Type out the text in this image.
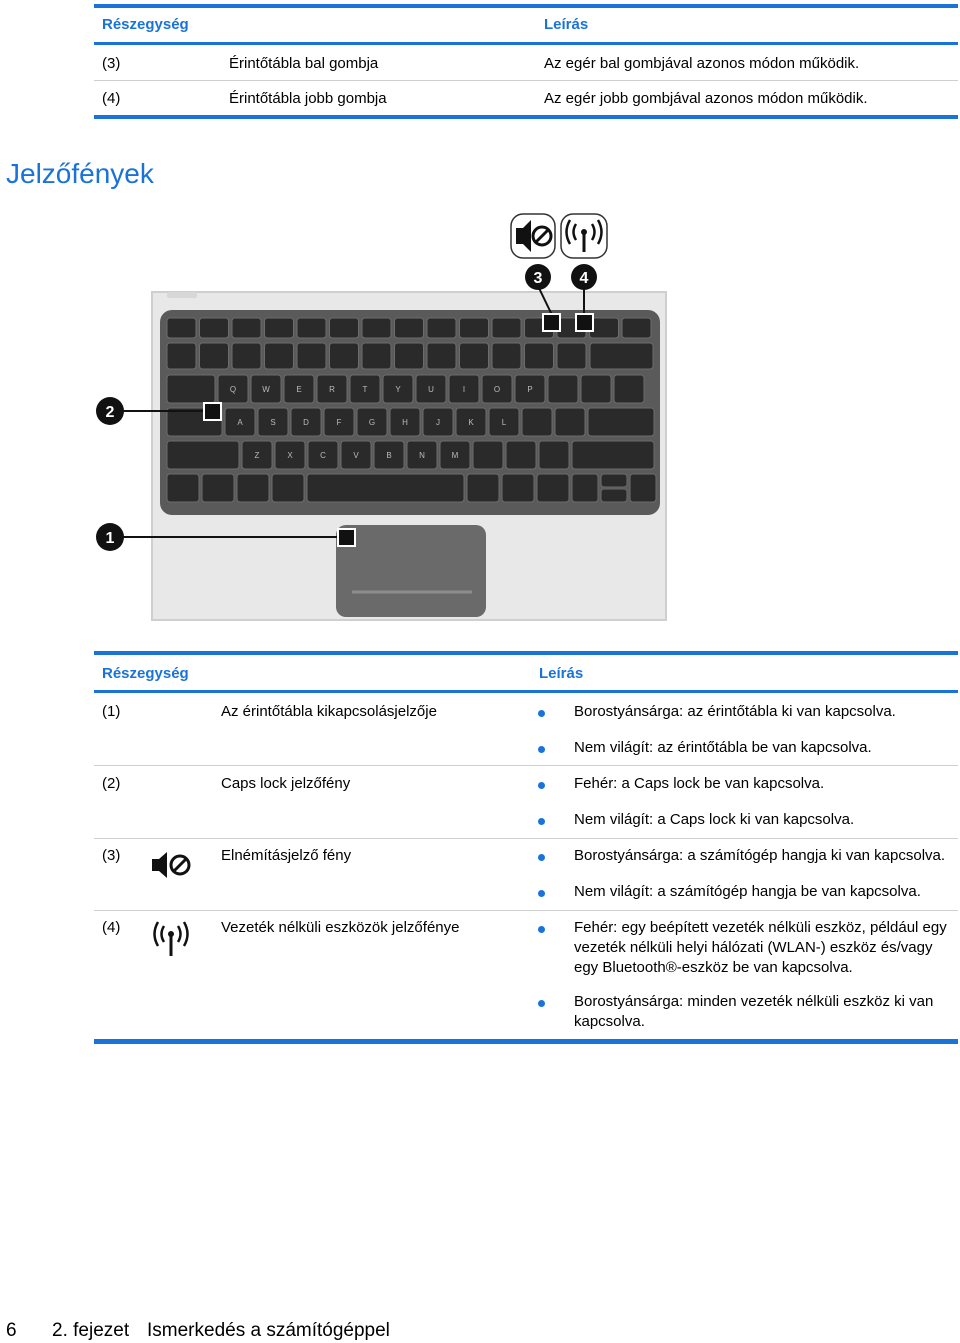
Részegység	Leírás
(3)	Érintőtábla bal gombja	Az egér bal gombjával azonos módon működik.
(4)	Érintőtábla jobb gombja	Az egér jobb gombjával azonos módon működik.
Jelzőfények
Q	W	E	R	T	Y	U	I	O	P
A	S	D	F	G	H	J	K	L
Z	X	C	V	B	N	M
3 4
2
1
Részegység	Leírás
(1)	Az érintőtábla kikapcsolásjelzője	Borostyánsárga: az érintőtábla ki van kapcsolva.
Nem világít: az érintőtábla be van kapcsolva.
(2)	Caps lock jelzőfény	Fehér: a Caps lock be van kapcsolva.
Nem világít: a Caps lock ki van kapcsolva.
(3)	Elnémításjelző fény	Borostyánsárga: a számítógép hangja ki van kapcsolva.
Nem világít: a számítógép hangja be van kapcsolva.
(4)	Vezeték nélküli eszközök jelzőfénye	Fehér: egy beépített vezeték nélküli eszköz, például egy vezeték nélküli helyi hálózati (WLAN-) eszköz és/vagy egy Bluetooth®-eszköz be van kapcsolva.
Borostyánsárga: minden vezeték nélküli eszköz ki van kapcsolva.
6 2. fejezet Ismerkedés a számítógéppel
